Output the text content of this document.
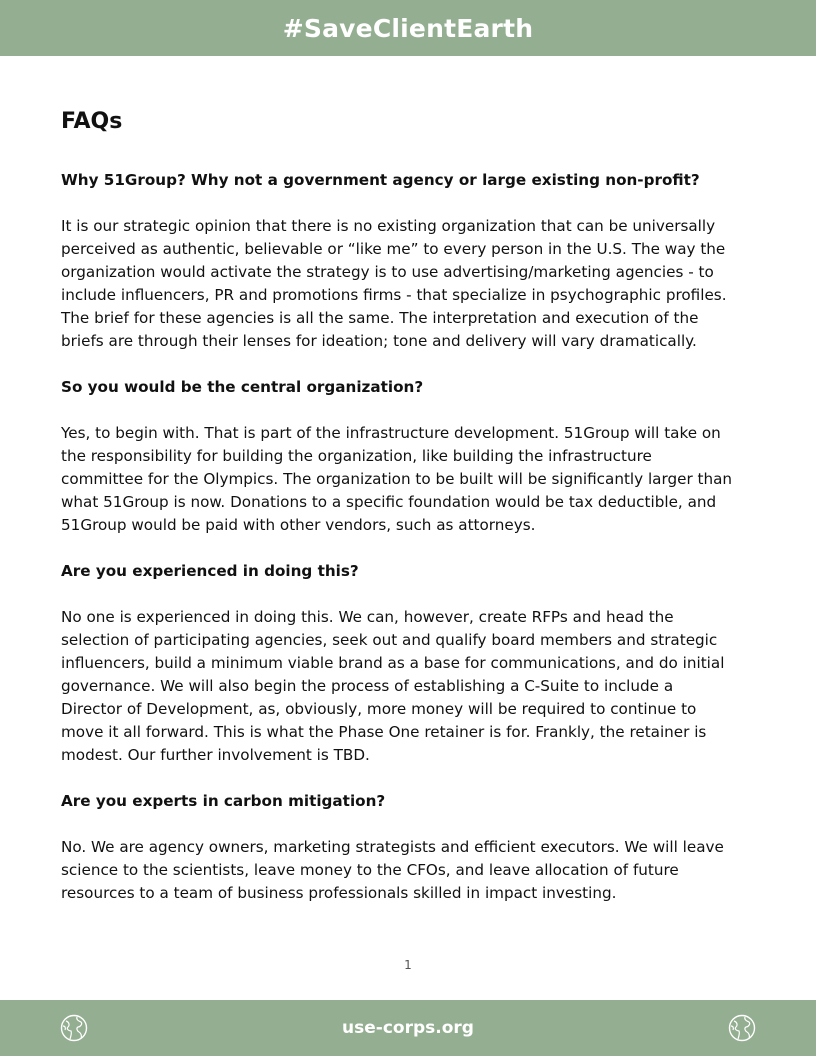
#SaveClientEarth
FAQs

Why 51Group? Why not a government agency or large existing non-profit?

It is our strategic opinion that there is no existing organization that can be universally
perceived as authentic, believable or “like me” to every person in the U.S. The way the
organization would activate the strategy is to use advertising/marketing agencies - to
include influencers, PR and promotions firms - that specialize in psychographic profiles.
The brief for these agencies is all the same. The interpretation and execution of the
briefs are through their lenses for ideation; tone and delivery will vary dramatically.

So you would be the central organization?

Yes, to begin with. That is part of the infrastructure development. 51Group will take on
the responsibility for building the organization, like building the infrastructure
committee for the Olympics. The organization to be built will be significantly larger than
what 51Group is now. Donations to a specific foundation would be tax deductible, and
51Group would be paid with other vendors, such as attorneys.

Are you experienced in doing this?

No one is experienced in doing this. We can, however, create RFPs and head the
selection of participating agencies, seek out and qualify board members and strategic
influencers, build a minimum viable brand as a base for communications, and do initial
governance. We will also begin the process of establishing a C-Suite to include a
Director of Development, as, obviously, more money will be required to continue to
move it all forward. This is what the Phase One retainer is for. Frankly, the retainer is
modest. Our further involvement is TBD.

Are you experts in carbon mitigation?

No. We are agency owners, marketing strategists and efficient executors. We will leave
science to the scientists, leave money to the CFOs, and leave allocation of future
resources to a team of business professionals skilled in impact investing.

1
use-corps.org
